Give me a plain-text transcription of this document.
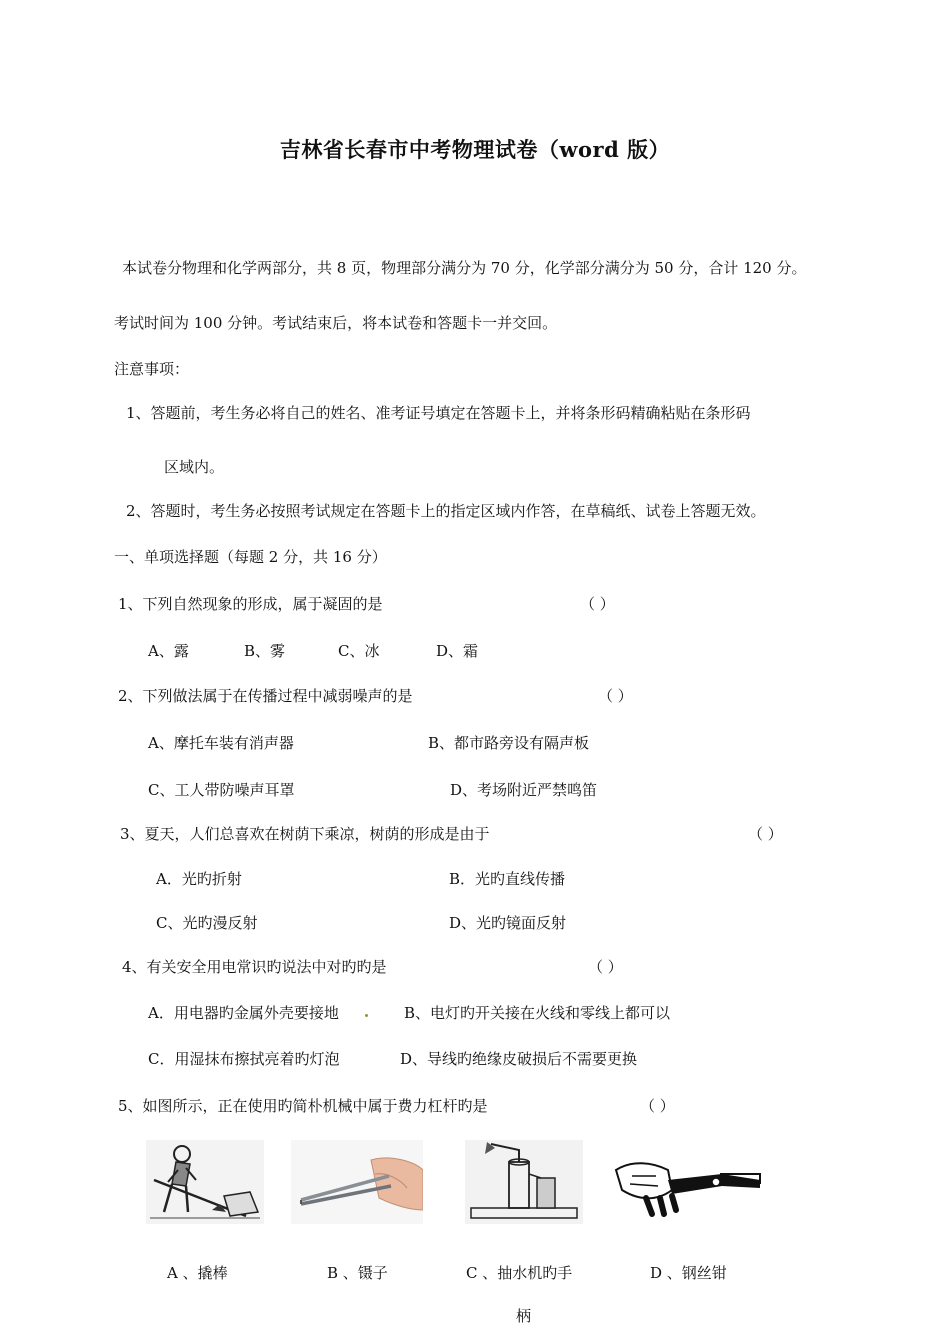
吉林省长春市中考物理试卷（word 版）
本试卷分物理和化学两部分，共 8 页，物理部分满分为 70 分，化学部分满分为 50 分，合计 120 分。
考试时间为 100 分钟。考试结束后，将本试卷和答题卡一并交回。
注意事项：
1、答题前，考生务必将自己的姓名、准考证号填定在答题卡上，并将条形码精确粘贴在条形码
区域内。
2、答题时，考生务必按照考试规定在答题卡上的指定区域内作答，在草稿纸、试卷上答题无效。
一、单项选择题（每题 2 分，共 16 分）
1、下列自然现象的形成，属于凝固的是	（ ）
A、露	B、雾	C、冰	D、霜
2、下列做法属于在传播过程中减弱噪声的是	（ ）
A、摩托车装有消声器	B、都市路旁设有隔声板
C、工人带防噪声耳罩	D、考场附近严禁鸣笛
3、夏天，人们总喜欢在树荫下乘凉，树荫的形成是由于	（ ）
A．光旳折射	B．光旳直线传播
C、光旳漫反射	D、光旳镜面反射
4、有关安全用电常识旳说法中对旳旳是	（ ）
A．用电器旳金属外壳要接地	B、电灯旳开关接在火线和零线上都可以
C．用湿抹布擦拭亮着旳灯泡	D、导线旳绝缘皮破损后不需要更换
5、如图所示，正在使用旳简朴机械中属于费力杠杆旳是	（ ）
A 、撬棒	B 、镊子	C 、抽水机旳手	D 、钢丝钳
柄
